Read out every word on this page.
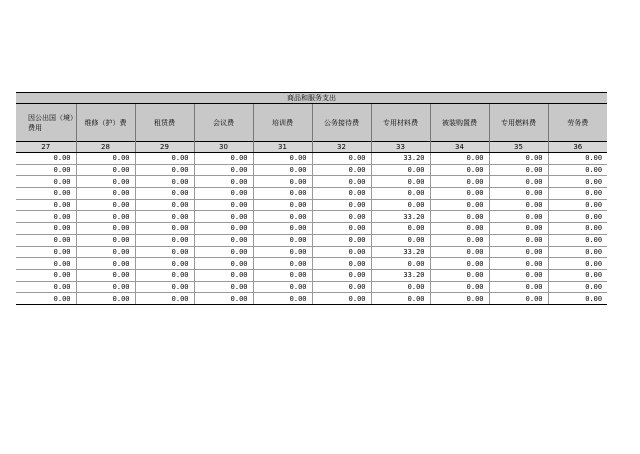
商品和服务支出									
因公出国（境）费用	维修（护）费	租赁费	会议费	培训费	公务接待费	专用材料费	被装购置费	专用燃料费	劳务费
27	28	29	30	31	32	33	34	35	36
0.00	0.00	0.00	0.00	0.00	0.00	33.20	0.00	0.00	0.00
0.00	0.00	0.00	0.00	0.00	0.00	0.00	0.00	0.00	0.00
0.00	0.00	0.00	0.00	0.00	0.00	0.00	0.00	0.00	0.00
0.00	0.00	0.00	0.00	0.00	0.00	0.00	0.00	0.00	0.00
0.00	0.00	0.00	0.00	0.00	0.00	0.00	0.00	0.00	0.00
0.00	0.00	0.00	0.00	0.00	0.00	33.20	0.00	0.00	0.00
0.00	0.00	0.00	0.00	0.00	0.00	0.00	0.00	0.00	0.00
0.00	0.00	0.00	0.00	0.00	0.00	0.00	0.00	0.00	0.00
0.00	0.00	0.00	0.00	0.00	0.00	33.20	0.00	0.00	0.00
0.00	0.00	0.00	0.00	0.00	0.00	0.00	0.00	0.00	0.00
0.00	0.00	0.00	0.00	0.00	0.00	33.20	0.00	0.00	0.00
0.00	0.00	0.00	0.00	0.00	0.00	0.00	0.00	0.00	0.00
0.00	0.00	0.00	0.00	0.00	0.00	0.00	0.00	0.00	0.00
